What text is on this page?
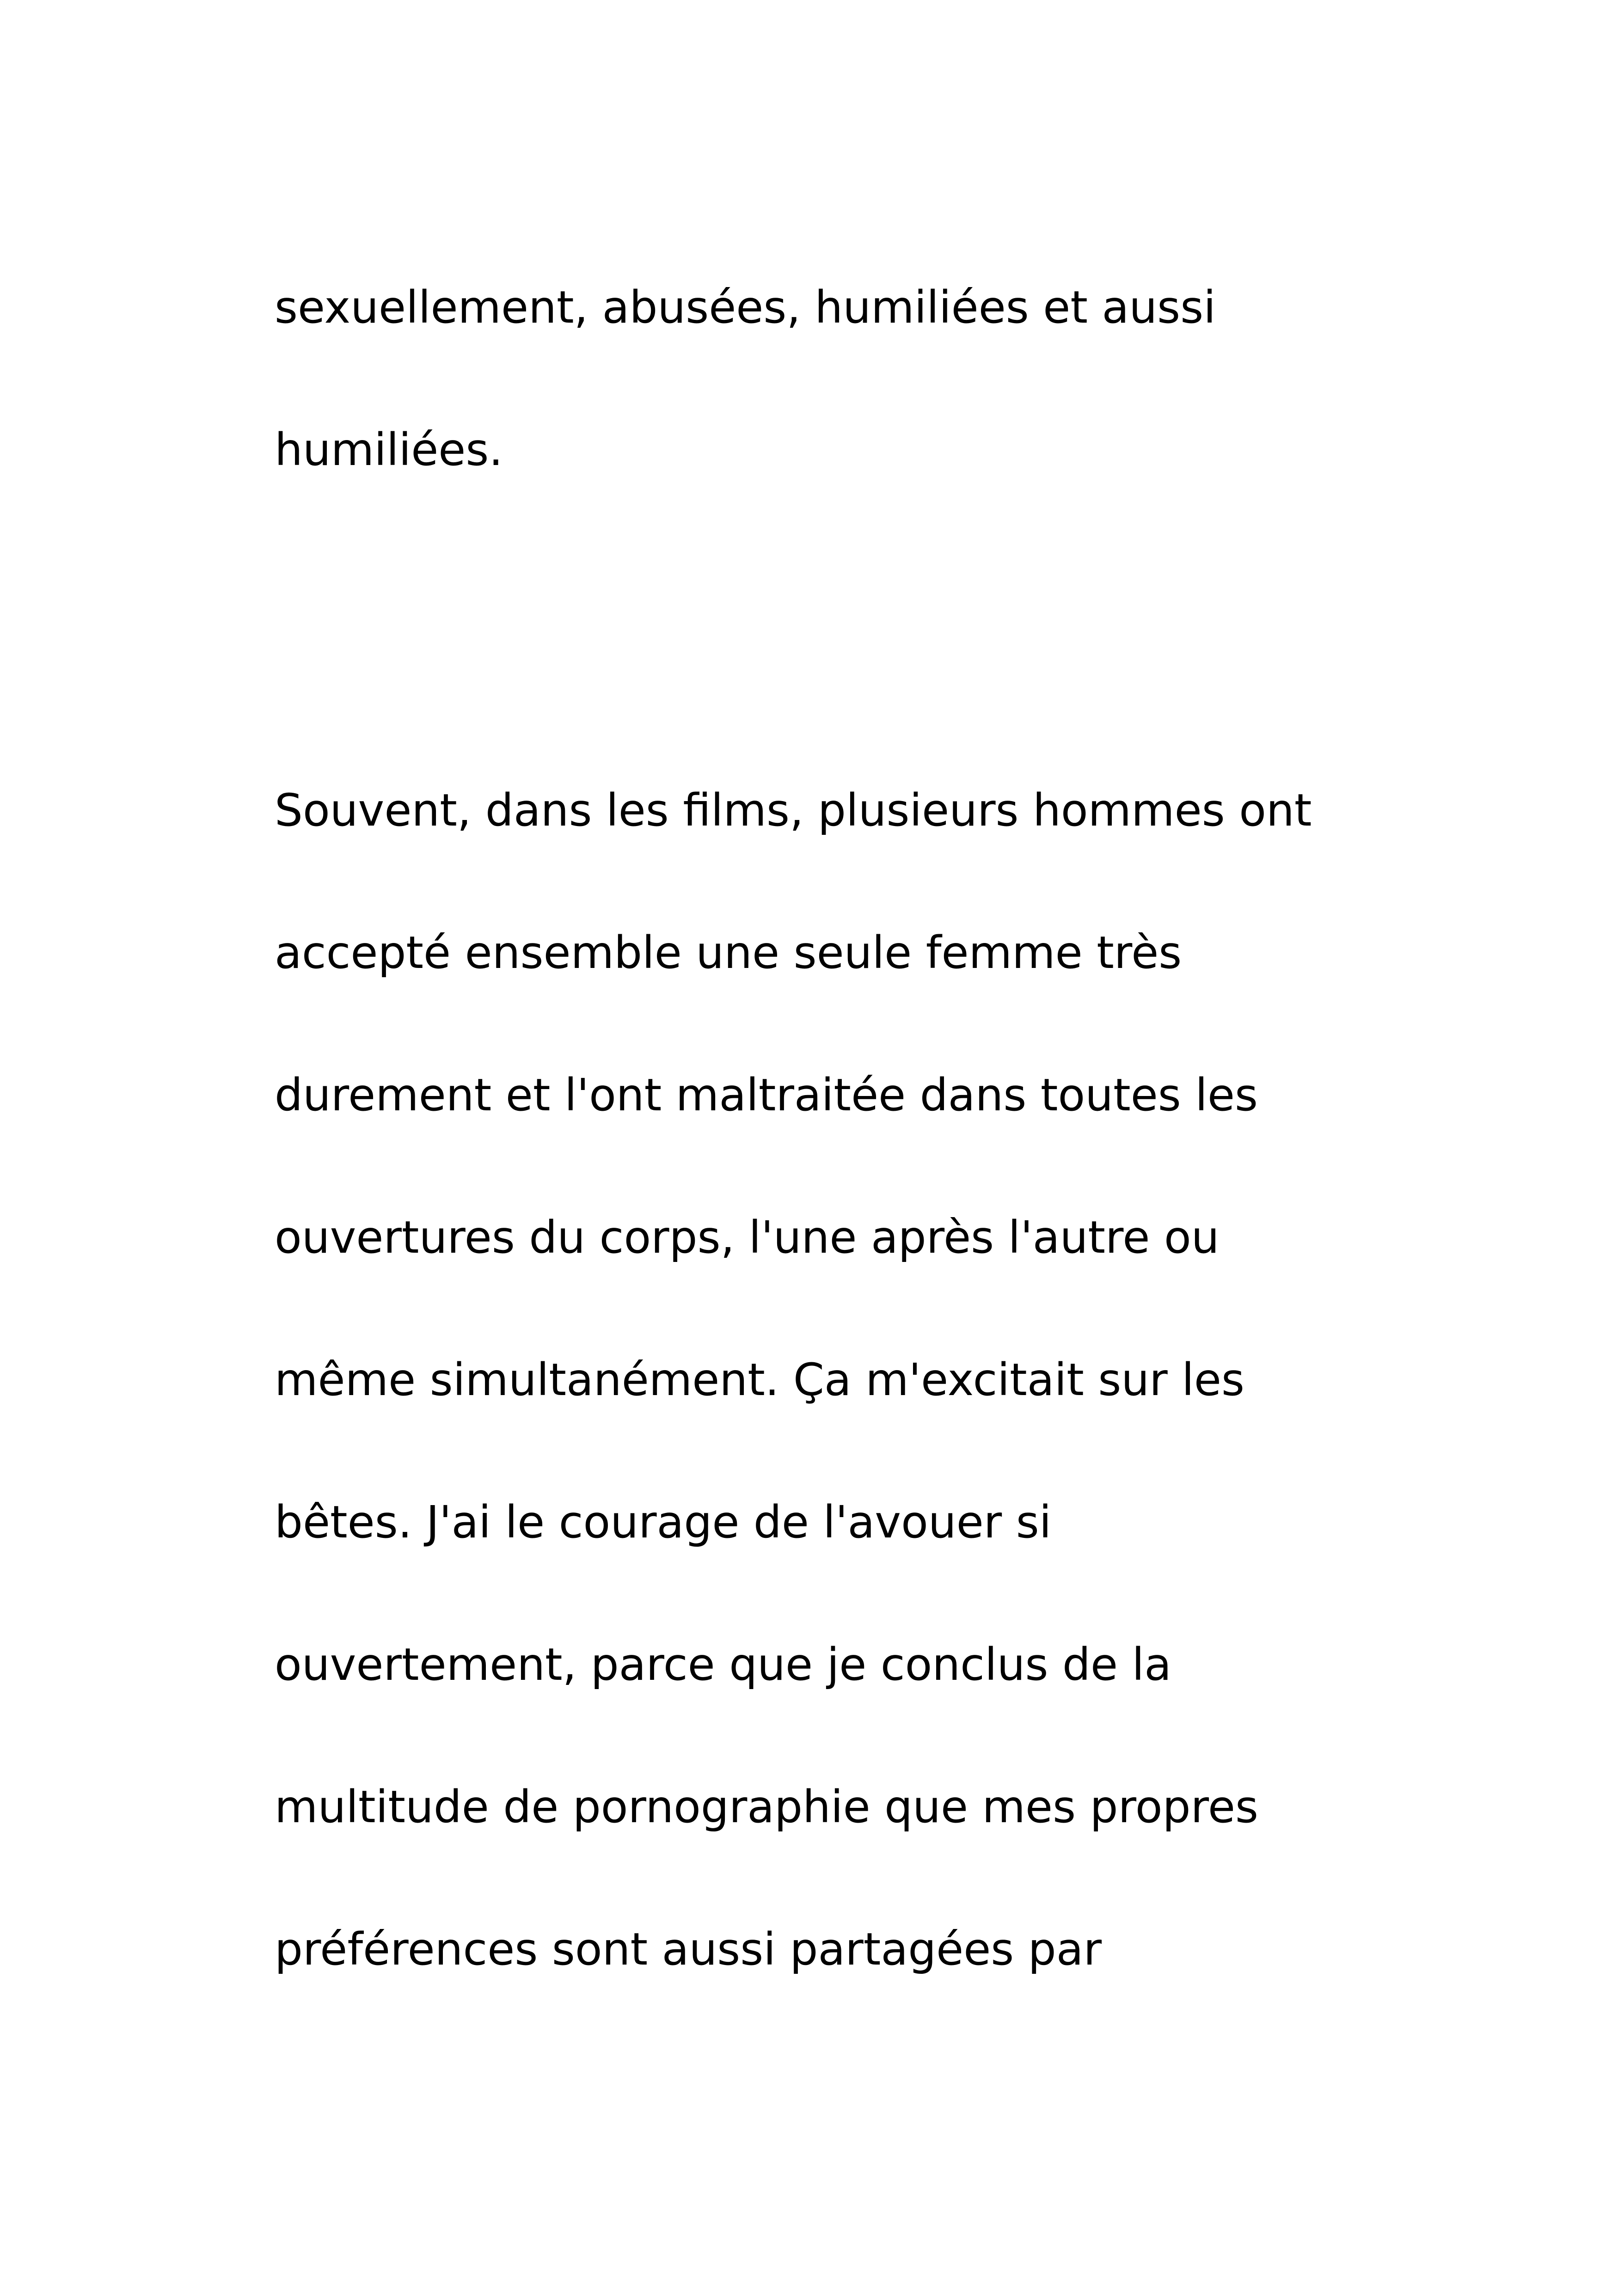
sexuellement, abusées, humiliées et aussi

humiliées.

Souvent, dans les films, plusieurs hommes ont

accepté ensemble une seule femme très

durement et l'ont maltraitée dans toutes les

ouvertures du corps, l'une après l'autre ou

même simultanément. Ça m'excitait sur les

bêtes. J'ai le courage de l'avouer si

ouvertement, parce que je conclus de la

multitude de pornographie que mes propres

préférences sont aussi partagées par
